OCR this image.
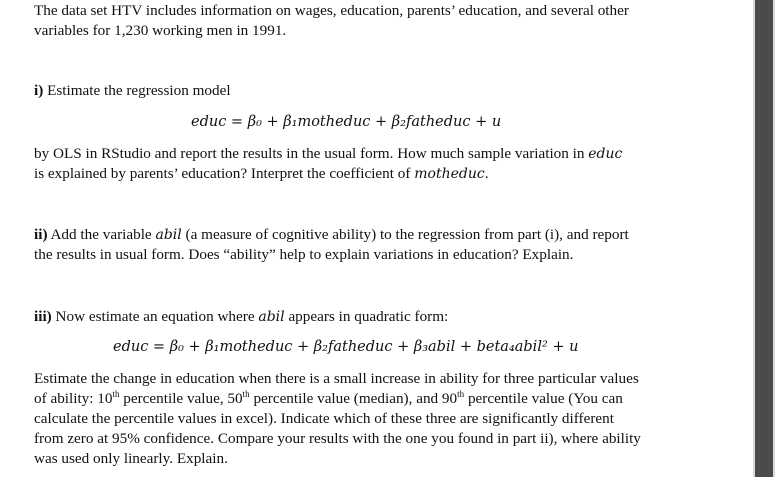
The data set HTV includes information on wages, education, parents’ education, and several other

variables for 1,230 working men in 1991.

i) Estimate the regression model

educ = β₀ + β₁motheduc + β₂fatheduc + u

by OLS in RStudio and report the results in the usual form. How much sample variation in educ

is explained by parents’ education? Interpret the coefficient of motheduc.

ii) Add the variable abil (a measure of cognitive ability) to the regression from part (i), and report

the results in usual form. Does “ability” help to explain variations in education? Explain.

iii) Now estimate an equation where abil appears in quadratic form:

educ = β₀ + β₁motheduc + β₂fatheduc + β₃abil + beta₄abil² + u

Estimate the change in education when there is a small increase in ability for three particular values

of ability: 10th percentile value, 50th percentile value (median), and 90th percentile value (You can

calculate the percentile values in excel). Indicate which of these three are significantly different

from zero at 95% confidence. Compare your results with the one you found in part ii), where ability

was used only linearly. Explain.
